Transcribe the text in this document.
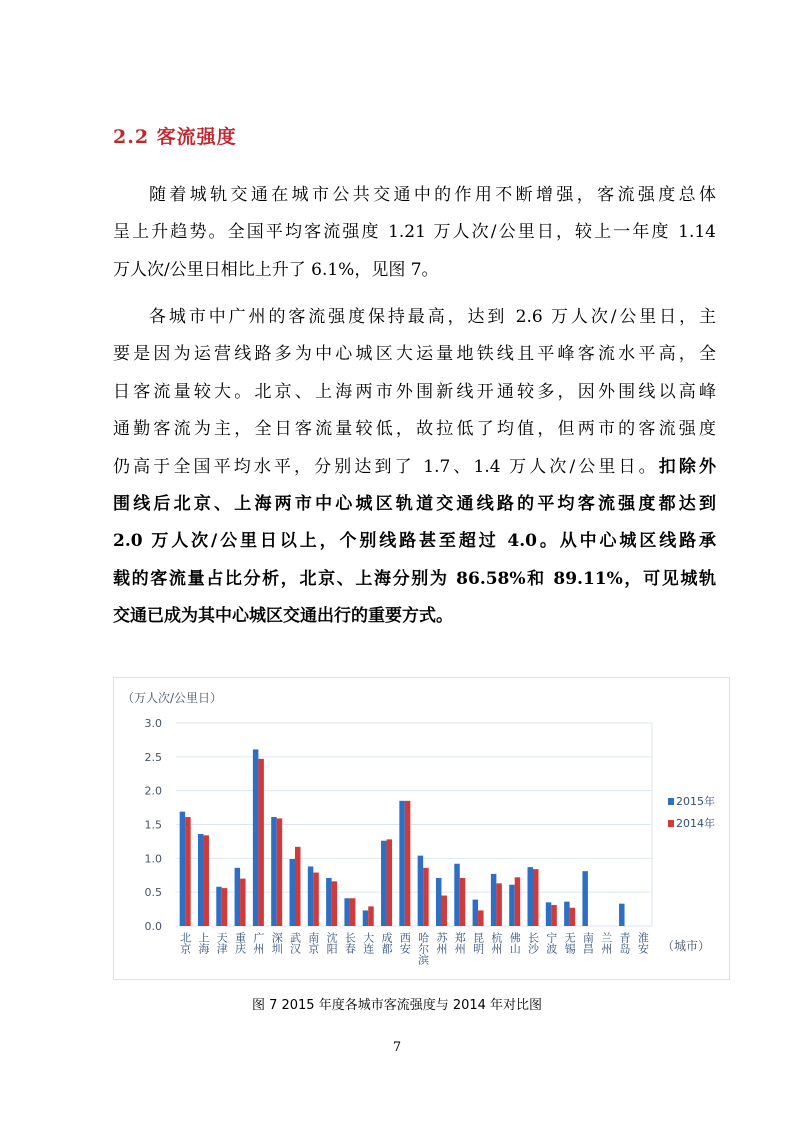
2.2 客流强度
随着城轨交通在城市公共交通中的作用不断增强，客流强度总体
呈上升趋势。全国平均客流强度 1.21 万人次/公里日，较上一年度 1.14
万人次/公里日相比上升了 6.1%，见图 7。
各城市中广州的客流强度保持最高，达到 2.6 万人次/公里日，主
要是因为运营线路多为中心城区大运量地铁线且平峰客流水平高，全
日客流量较大。北京、上海两市外围新线开通较多，因外围线以高峰
通勤客流为主，全日客流量较低，故拉低了均值，但两市的客流强度
仍高于全国平均水平，分别达到了 1.7、1.4 万人次/公里日。扣除外
围线后北京、上海两市中心城区轨道交通线路的平均客流强度都达到
2.0 万人次/公里日以上，个别线路甚至超过 4.0。从中心城区线路承
载的客流量占比分析，北京、上海分别为 86.58%和 89.11%，可见城轨
交通已成为其中心城区交通出行的重要方式。
（万人次/公里日）
0.0
0.5
1.0
1.5
2.0
2.5
3.0
北京 上海 天津 重庆 广州 深圳 武汉 南京 沈阳 长春 大连 成都 西安 哈尔滨 苏州 郑州 昆明 杭州 佛山 长沙 宁波 无锡 南昌 兰州 青岛 淮安 （城市）
2015年
2014年
图 7 2015 年度各城市客流强度与 2014 年对比图
7
